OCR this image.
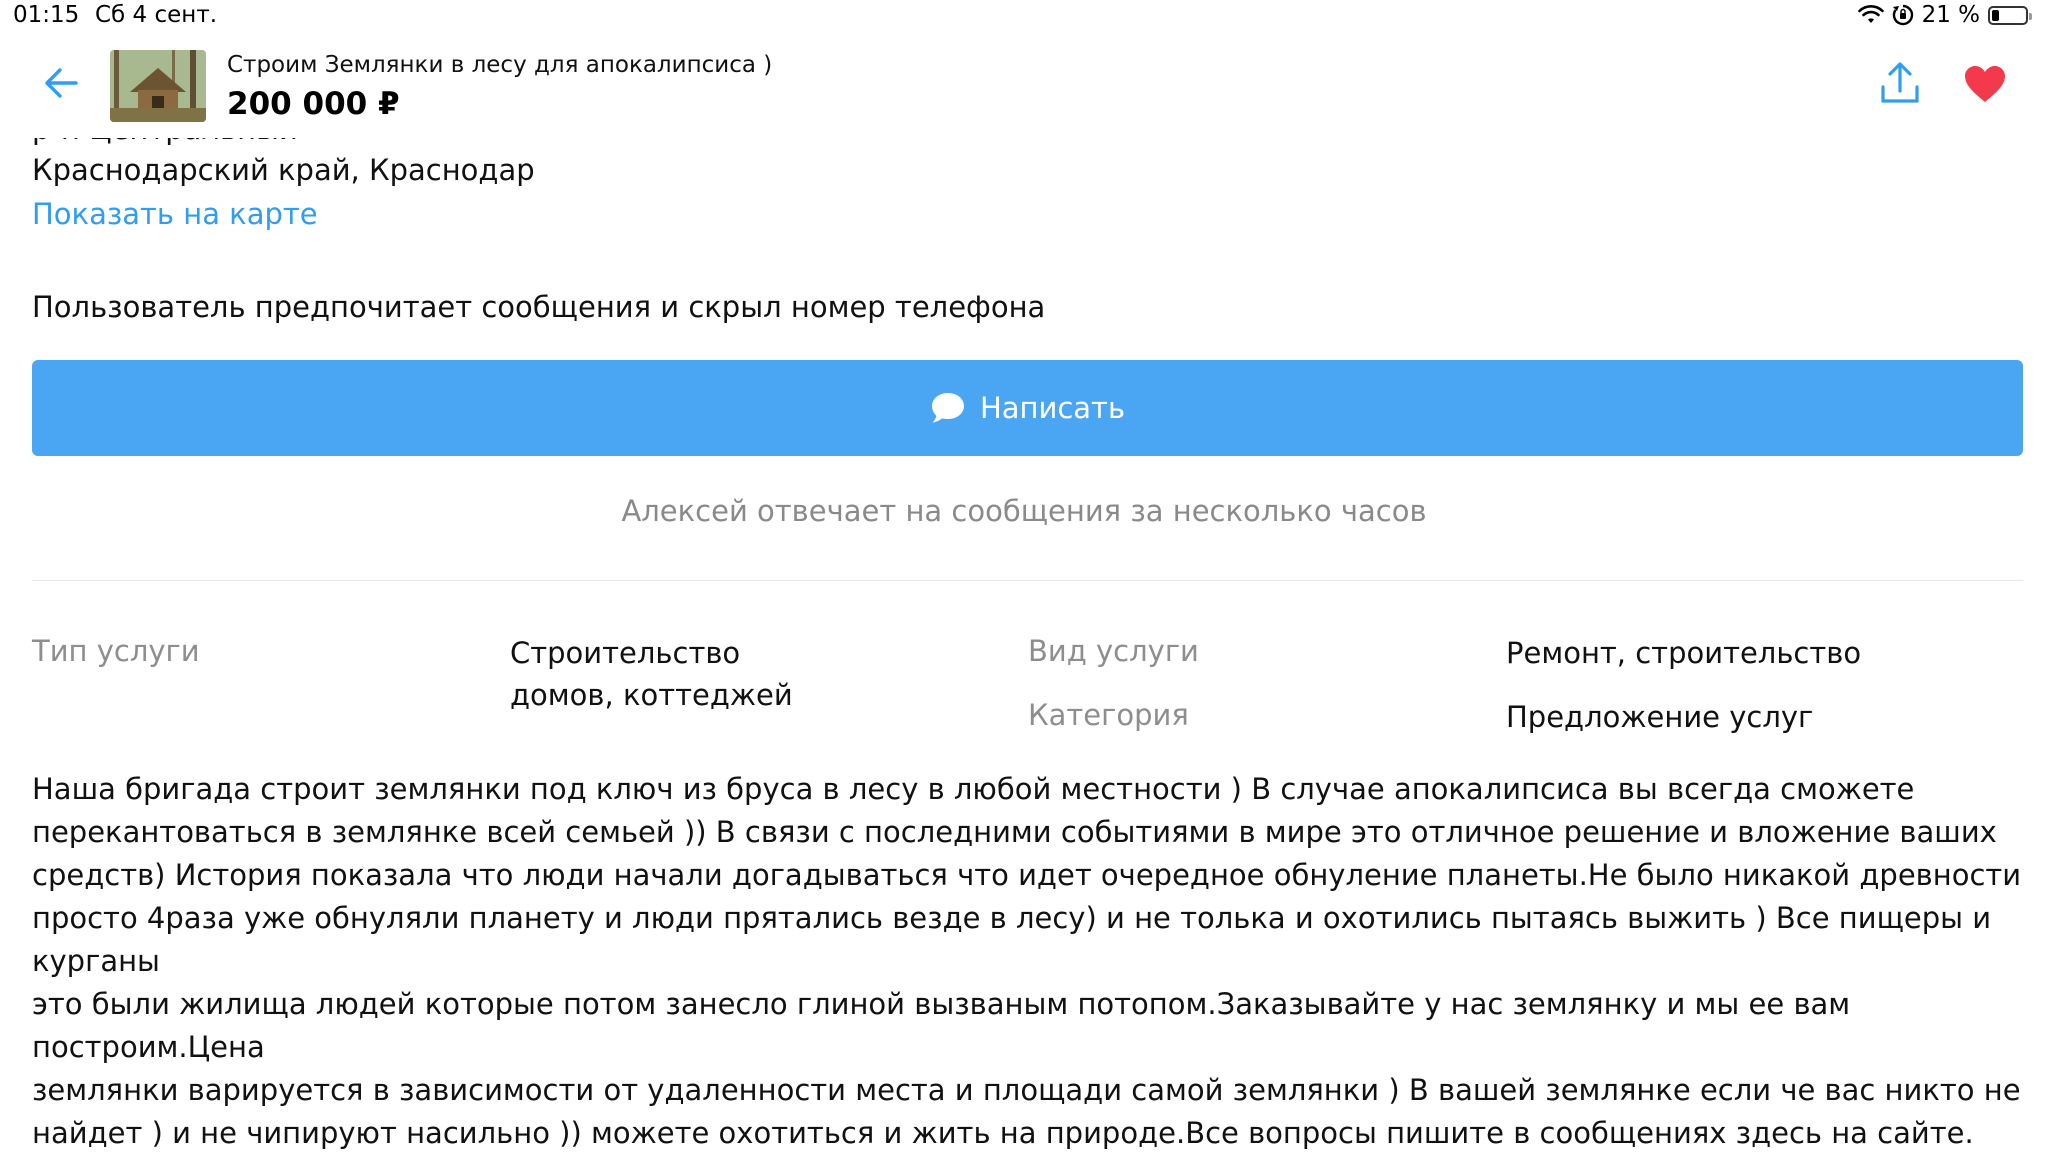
01:15 Сб 4 сент.	21 %
Строим Землянки в лесу для апокалипсиса )
200 000 ₽
Краснодарский край, Краснодар
Показать на карте
Пользователь предпочитает сообщения и скрыл номер телефона
Написать
Алексей отвечает на сообщения за несколько часов
Тип услуги	Строительство
домов, коттеджей
Вид услуги	Ремонт, строительство
Категория	Предложение услуг
Наша бригада строит землянки под ключ из бруса в лесу в любой местности ) В случае апокалипсиса вы всегда сможете
перекантоваться в землянке всей семьей )) В связи с последними событиями в мире это отличное решение и вложение ваших
средств) История показала что люди начали догадываться что идет очередное обнуление планеты.Не было никакой древности
просто 4раза уже обнуляли планету и люди прятались везде в лесу) и не толька и охотились пытаясь выжить ) Все пищеры и курганы
это были жилища людей которые потом занесло глиной вызваным потопом.Заказывайте у нас землянку и мы ее вам построим.Цена
землянки варируется в зависимости от удаленности места и площади самой землянки ) В вашей землянке если че вас никто не
найдет ) и не чипируют насильно )) можете охотиться и жить на природе.Все вопросы пишите в сообщениях здесь на сайте.
